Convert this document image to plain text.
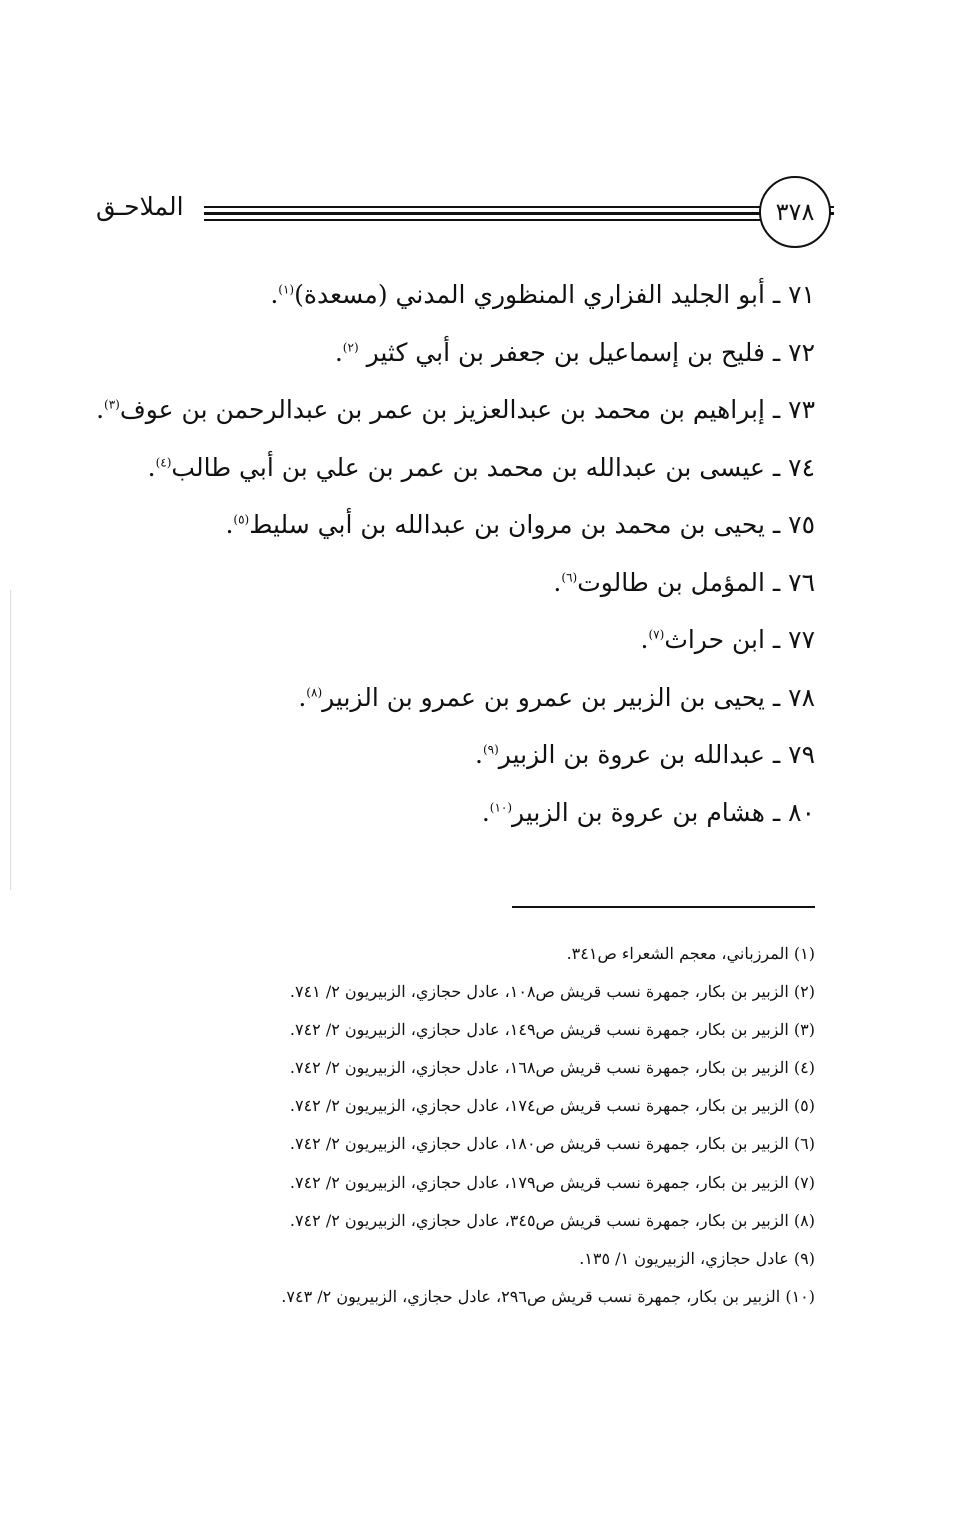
الملاحـق	٣٧٨
٧١ ـ أبو الجليد الفزاري المنظوري المدني (مسعدة)$^{(١)}$.
٧٢ ـ فليح بن إسماعيل بن جعفر بن أبي كثير $^{(٢)}$.
٧٣ ـ إبراهيم بن محمد بن عبدالعزيز بن عمر بن عبدالرحمن بن عوف$^{(٣)}$.
٧٤ ـ عيسى بن عبدالله بن محمد بن عمر بن علي بن أبي طالب$^{(٤)}$.
٧٥ ـ يحيى بن محمد بن مروان بن عبدالله بن أبي سليط$^{(٥)}$.
٧٦ ـ المؤمل بن طالوت$^{(٦)}$.
٧٧ ـ ابن حراث$^{(٧)}$.
٧٨ ـ يحيى بن الزبير بن عمرو بن عمرو بن الزبير$^{(٨)}$.
٧٩ ـ عبدالله بن عروة بن الزبير$^{(٩)}$.
٨٠ ـ هشام بن عروة بن الزبير$^{(١٠)}$.
(١) المرزباني، معجم الشعراء ص٣٤١.
(٢) الزبير بن بكار، جمهرة نسب قريش ص١٠٨، عادل حجازي، الزبيريون ٢/ ٧٤١.
(٣) الزبير بن بكار، جمهرة نسب قريش ص١٤٩، عادل حجازي، الزبيريون ٢/ ٧٤٢.
(٤) الزبير بن بكار، جمهرة نسب قريش ص١٦٨، عادل حجازي، الزبيريون ٢/ ٧٤٢.
(٥) الزبير بن بكار، جمهرة نسب قريش ص١٧٤، عادل حجازي، الزبيريون ٢/ ٧٤٢.
(٦) الزبير بن بكار، جمهرة نسب قريش ص١٨٠، عادل حجازي، الزبيريون ٢/ ٧٤٢.
(٧) الزبير بن بكار، جمهرة نسب قريش ص١٧٩، عادل حجازي، الزبيريون ٢/ ٧٤٢.
(٨) الزبير بن بكار، جمهرة نسب قريش ص٣٤٥، عادل حجازي، الزبيريون ٢/ ٧٤٢.
(٩) عادل حجازي، الزبيريون ١/ ١٣٥.
(١٠) الزبير بن بكار، جمهرة نسب قريش ص٢٩٦، عادل حجازي، الزبيريون ٢/ ٧٤٣.
